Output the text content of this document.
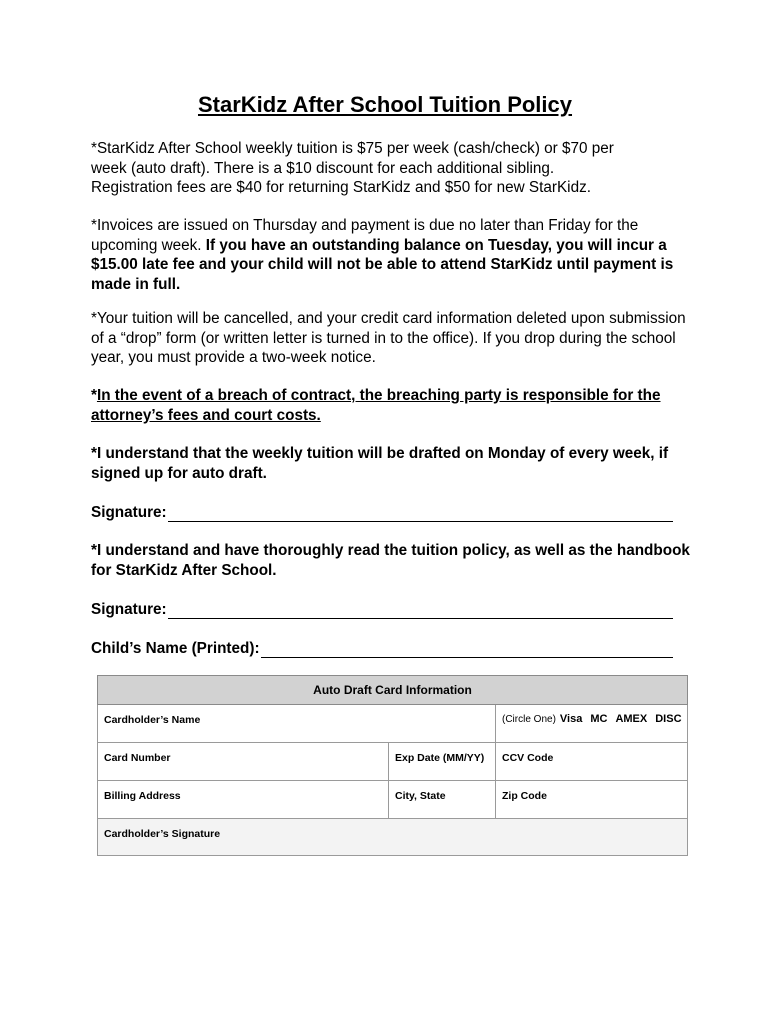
StarKidz After School Tuition Policy
*StarKidz After School weekly tuition is $75 per week (cash/check) or $70 per
week (auto draft). There is a $10 discount for each additional sibling.
Registration fees are $40 for returning StarKidz and $50 for new StarKidz.

*Invoices are issued on Thursday and payment is due no later than Friday for the upcoming week. If you have an outstanding balance on Tuesday, you will incur a $15.00 late fee and your child will not be able to attend StarKidz until payment is made in full.

*Your tuition will be cancelled, and your credit card information deleted upon submission of a “drop” form (or written letter is turned in to the office). If you drop during the school year, you must provide a two-week notice.

*In the event of a breach of contract, the breaching party is responsible for the attorney’s fees and court costs.

*I understand that the weekly tuition will be drafted on Monday of every week, if signed up for auto draft.

Signature:

*I understand and have thoroughly read the tuition policy, as well as the handbook for StarKidz After School.

Signature:
Child’s Name (Printed):
Auto Draft Card Information		

Cardholder’s Name		(Circle One) Visa MC AMEX DISC

Card Number	Exp Date (MM/YY)	CCV Code

Billing Address	City, State	Zip Code

Cardholder’s Signature		
